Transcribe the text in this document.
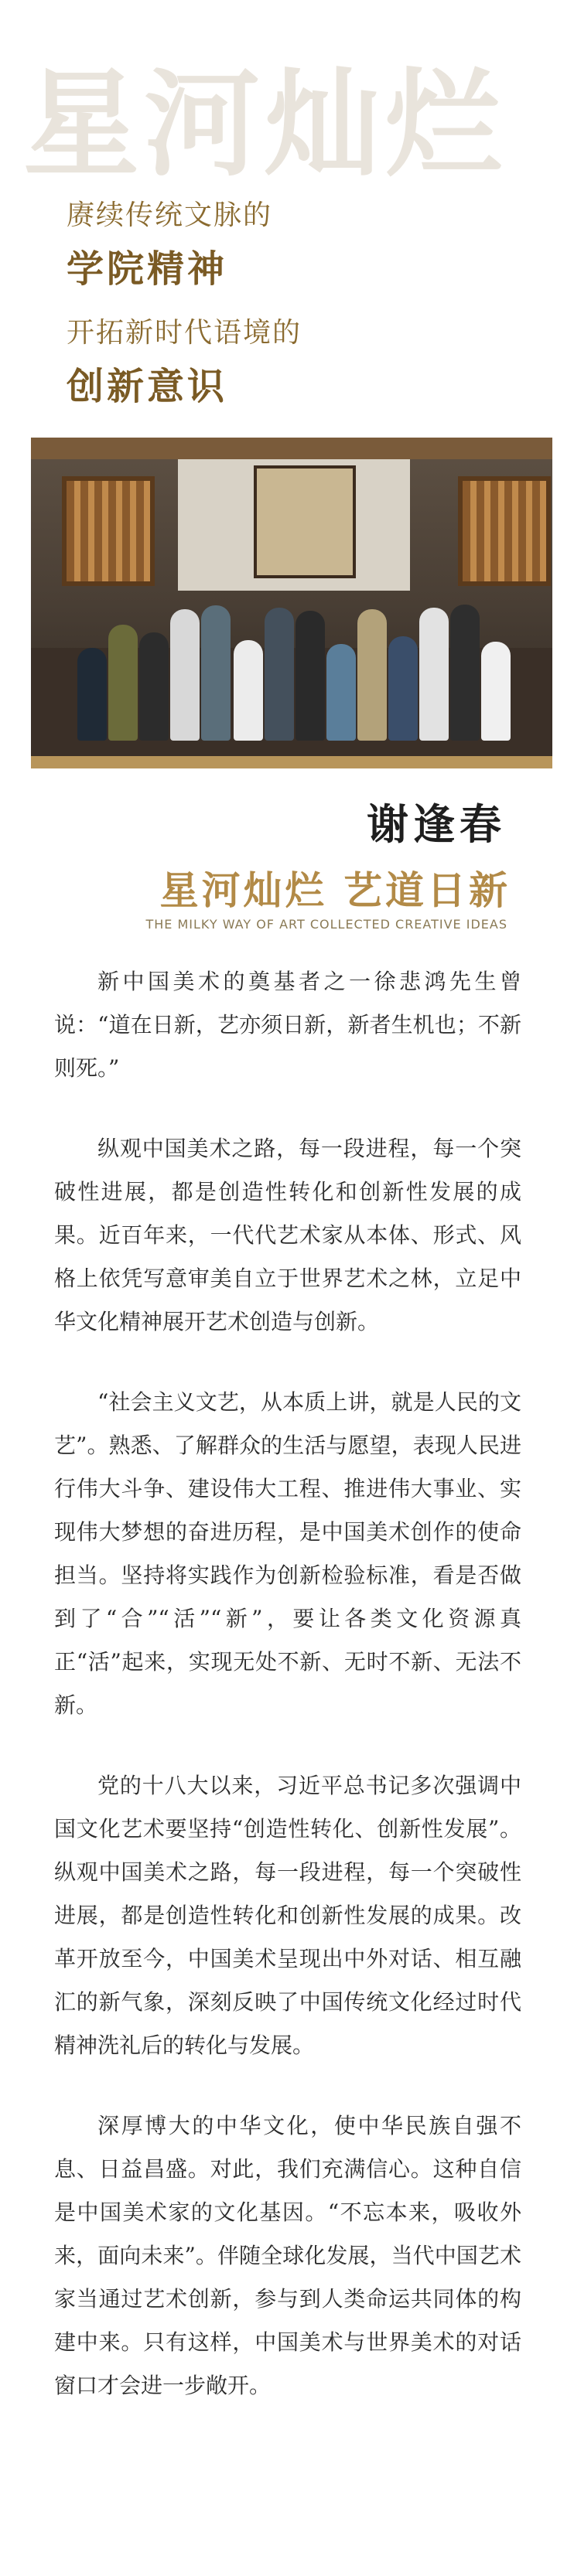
星河灿烂
赓续传统文脉的
学院精神
开拓新时代语境的
创新意识
谢逢春
星河灿烂 艺道日新
THE MILKY WAY OF ART COLLECTED CREATIVE IDEAS

新中国美术的奠基者之一徐悲鸿先生曾说：“道在日新，艺亦须日新，新者生机也；不新则死。”

纵观中国美术之路，每一段进程，每一个突破性进展，都是创造性转化和创新性发展的成果。近百年来，一代代艺术家从本体、形式、风格上依凭写意审美自立于世界艺术之林，立足中华文化精神展开艺术创造与创新。

“社会主义文艺，从本质上讲，就是人民的文艺”。熟悉、了解群众的生活与愿望，表现人民进行伟大斗争、建设伟大工程、推进伟大事业、实现伟大梦想的奋进历程，是中国美术创作的使命担当。坚持将实践作为创新检验标准，看是否做到了“合”“活”“新”，要让各类文化资源真正“活”起来，实现无处不新、无时不新、无法不新。

党的十八大以来，习近平总书记多次强调中国文化艺术要坚持“创造性转化、创新性发展”。纵观中国美术之路，每一段进程，每一个突破性进展，都是创造性转化和创新性发展的成果。改革开放至今，中国美术呈现出中外对话、相互融汇的新气象，深刻反映了中国传统文化经过时代精神洗礼后的转化与发展。

深厚博大的中华文化，使中华民族自强不息、日益昌盛。对此，我们充满信心。这种自信是中国美术家的文化基因。“不忘本来，吸收外来，面向未来”。伴随全球化发展，当代中国艺术家当通过艺术创新，参与到人类命运共同体的构建中来。只有这样，中国美术与世界美术的对话窗口才会进一步敞开。
